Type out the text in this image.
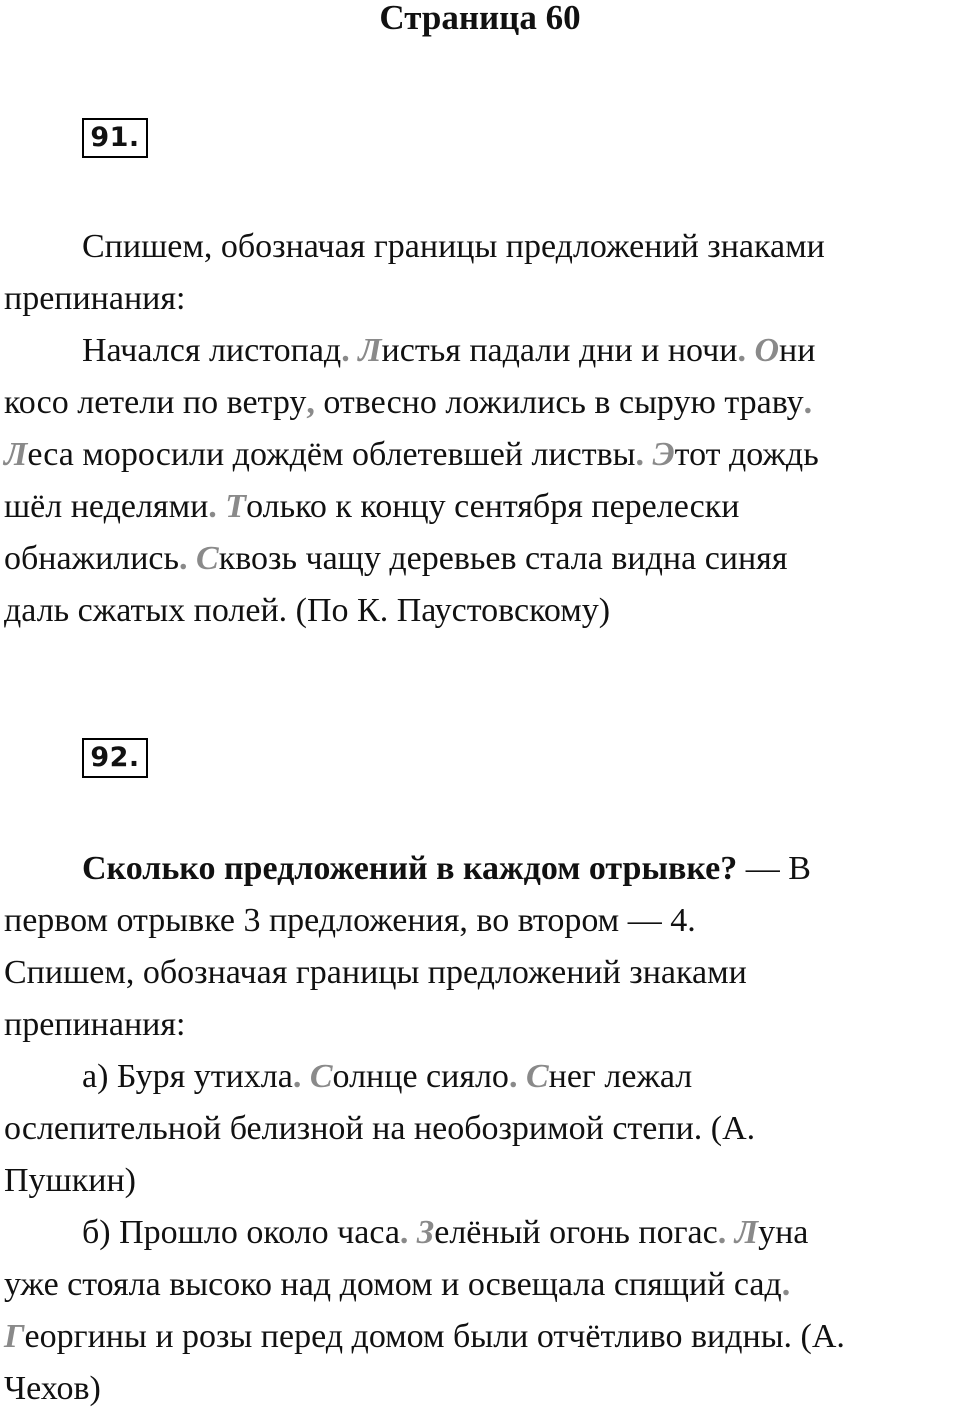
Страница 60
91.

Спишем, обозначая границы предложений знаками

препинания:

Начался листопад. Листья падали дни и ночи. Они

косо летели по ветру, отвесно ложились в сырую траву.

Леса моросили дождём облетевшей листвы. Этот дождь

шёл неделями. Только к концу сентября перелески

обнажились. Сквозь чащу деревьев стала видна синяя

даль сжатых полей. (По К. Паустовскому)

92.

Сколько предложений в каждом отрывке? — В

первом отрывке 3 предложения, во втором — 4.

Спишем, обозначая границы предложений знаками

препинания:

а) Буря утихла. Солнце сияло. Снег лежал

ослепительной белизной на необозримой степи. (А.

Пушкин)

б) Прошло около часа. Зелёный огонь погас. Луна

уже стояла высоко над домом и освещала спящий сад.

Георгины и розы перед домом были отчётливо видны. (А.

Чехов)
